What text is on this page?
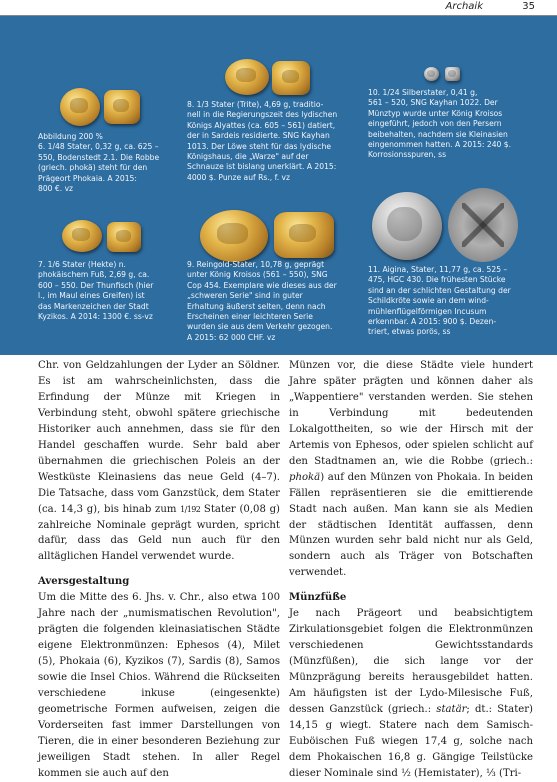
Archaik	35
Abbildung 200 %
6. 1/48 Stater, 0,32 g, ca. 625 –
550, Bodenstedt 2.1. Die Robbe
(griech. phokä) steht für den
Prägeort Phokaia. A 2015:
800 €. vz
8. 1/3 Stater (Trite), 4,69 g, traditio-
nell in die Regierungszeit des lydischen
Königs Alyattes (ca. 605 – 561) datiert,
der in Sardeis residierte. SNG Kayhan
1013. Der Löwe steht für das lydische
Königshaus, die „Warze" auf der
Schnauze ist bislang unerklärt. A 2015:
4000 $. Punze auf Rs., f. vz
10. 1/24 Silberstater, 0,41 g,
561 – 520, SNG Kayhan 1022. Der
Münztyp wurde unter König Kroisos
eingeführt, jedoch von den Persern
beibehalten, nachdem sie Kleinasien
eingenommen hatten. A 2015: 240 $.
Korrosionsspuren, ss
7. 1/6 Stater (Hekte) n.
phokäischem Fuß, 2,69 g, ca.
600 – 550. Der Thunfisch (hier
l., im Maul eines Greifen) ist
das Markenzeichen der Stadt
Kyzikos. A 2014: 1300 €. ss-vz
9. Reingold-Stater, 10,78 g, geprägt
unter König Kroisos (561 – 550), SNG
Cop 454. Exemplare wie dieses aus der
„schweren Serie" sind in guter
Erhaltung äußerst selten, denn nach
Erscheinen einer leichteren Serie
wurden sie aus dem Verkehr gezogen.
A 2015: 62 000 CHF. vz
11. Aigina, Stater, 11,77 g, ca. 525 –
475, HGC 430. Die frühesten Stücke
sind an der schlichten Gestaltung der
Schildkröte sowie an dem wind-
mühlenflügelförmigen Incusum
erkennbar. A 2015: 900 $. Dezen-
triert, etwas porös, ss

Chr. von Geldzahlungen der Lyder an Söldner. Es ist am wahrscheinlichsten, dass die Erfindung der Münze mit Kriegen in Verbindung steht, obwohl spätere griechische Historiker auch annehmen, dass sie für den Handel geschaffen wurde. Sehr bald aber übernahmen die griechischen Poleis an der Westküste Kleinasiens das neue Geld (4–7). Die Tatsache, dass vom Ganzstück, dem Stater (ca. 14,3 g), bis hinab zum 1/192 Stater (0,08 g) zahlreiche Nominale geprägt wurden, spricht dafür, dass das Geld nun auch für den alltäglichen Handel verwendet wurde.

Aversgestaltung

Um die Mitte des 6. Jhs. v. Chr., also etwa 100 Jahre nach der „numismatischen Revolution", prägten die folgenden kleinasiatischen Städte eigene Elektronmünzen: Ephesos (4), Milet (5), Phokaia (6), Kyzikos (7), Sardis (8), Samos sowie die Insel Chios. Während die Rückseiten verschiedene inkuse (eingesenkte) geometrische Formen aufweisen, zeigen die Vorderseiten fast immer Darstellungen von Tieren, die in einer besonderen Beziehung zur jeweiligen Stadt stehen. In aller Regel kommen sie auch auf den

Münzen vor, die diese Städte viele hundert Jahre später prägten und können daher als „Wappentiere" verstanden werden. Sie stehen in Verbindung mit bedeutenden Lokalgottheiten, so wie der Hirsch mit der Artemis von Ephesos, oder spielen schlicht auf den Stadtnamen an, wie die Robbe (griech.: phokä) auf den Münzen von Phokaia. In beiden Fällen repräsentieren sie die emittierende Stadt nach außen. Man kann sie als Medien der städtischen Identität auffassen, denn Münzen wurden sehr bald nicht nur als Geld, sondern auch als Träger von Botschaften verwendet.

Münzfüße

Je nach Prägeort und beabsichtigtem Zirkulationsgebiet folgen die Elektronmünzen verschiedenen Gewichtsstandards (Münzfüßen), die sich lange vor der Münzprägung bereits herausgebildet hatten. Am häufigsten ist der Lydo-Milesische Fuß, dessen Ganzstück (griech.: statär; dt.: Stater) 14,15 g wiegt. Statere nach dem Samisch-Euböischen Fuß wiegen 17,4 g, solche nach dem Phokaischen 16,8 g. Gängige Teilstücke dieser Nominale sind ½ (Hemistater), ⅓ (Tri-
